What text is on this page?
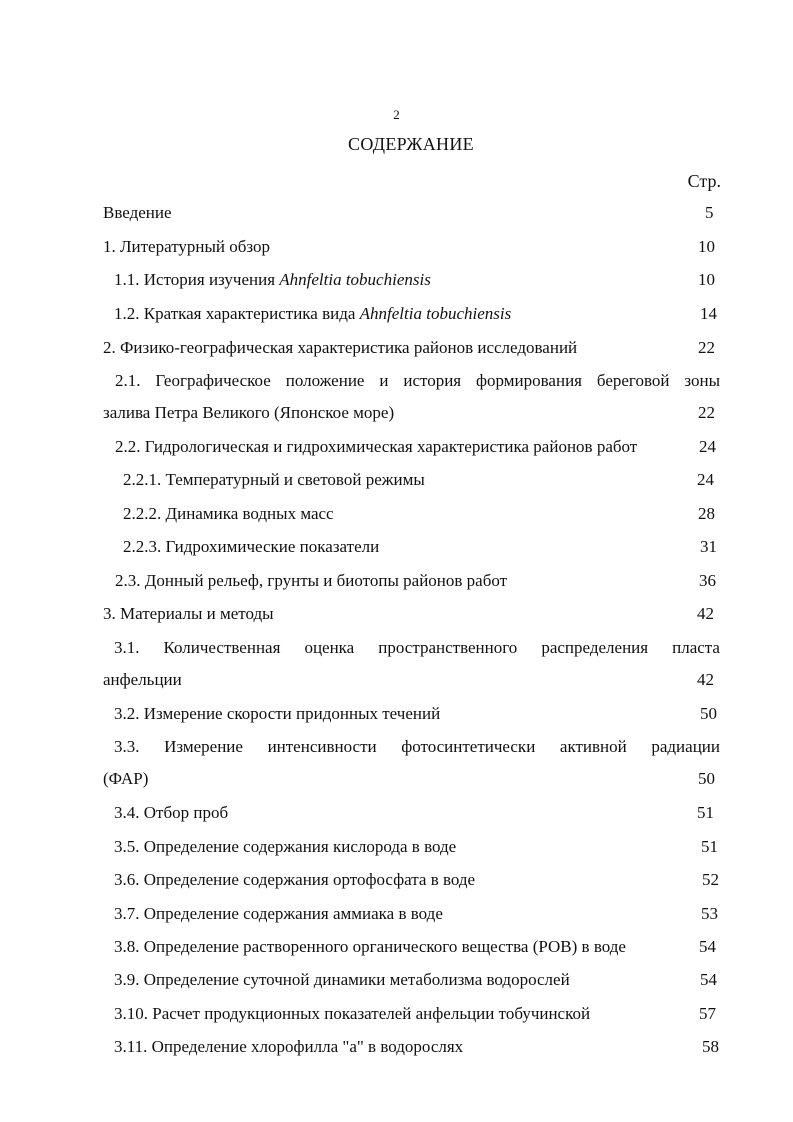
2
СОДЕРЖАНИЕ
Стр.
Введение	5
1. Литературный обзор	10
1.1. История изучения Ahnfeltia tobuchiensis	10
1.2. Краткая характеристика вида Ahnfeltia tobuchiensis	14
2. Физико-географическая характеристика районов исследований	22
2.1. Географическое положение и история формирования береговой зоны
залива Петра Великого (Японское море)	22
2.2. Гидрологическая и гидрохимическая характеристика районов работ	24
2.2.1. Температурный и световой режимы	24
2.2.2. Динамика водных масс	28
2.2.3. Гидрохимические показатели	31
2.3. Донный рельеф, грунты и биотопы районов работ	36
3. Материалы и методы	42
3.1. Количественная оценка пространственного распределения пласта
анфельции	42
3.2. Измерение скорости придонных течений	50
3.3. Измерение интенсивности фотосинтетически активной радиации
(ФАР)	50
3.4. Отбор проб	51
3.5. Определение содержания кислорода в воде	51
3.6. Определение содержания ортофосфата в воде	52
3.7. Определение содержания аммиака в воде	53
3.8. Определение растворенного органического вещества (РОВ) в воде	54
3.9. Определение суточной динамики метаболизма водорослей	54
3.10. Расчет продукционных показателей анфельции тобучинской	57
3.11. Определение хлорофилла "а" в водорослях	58
